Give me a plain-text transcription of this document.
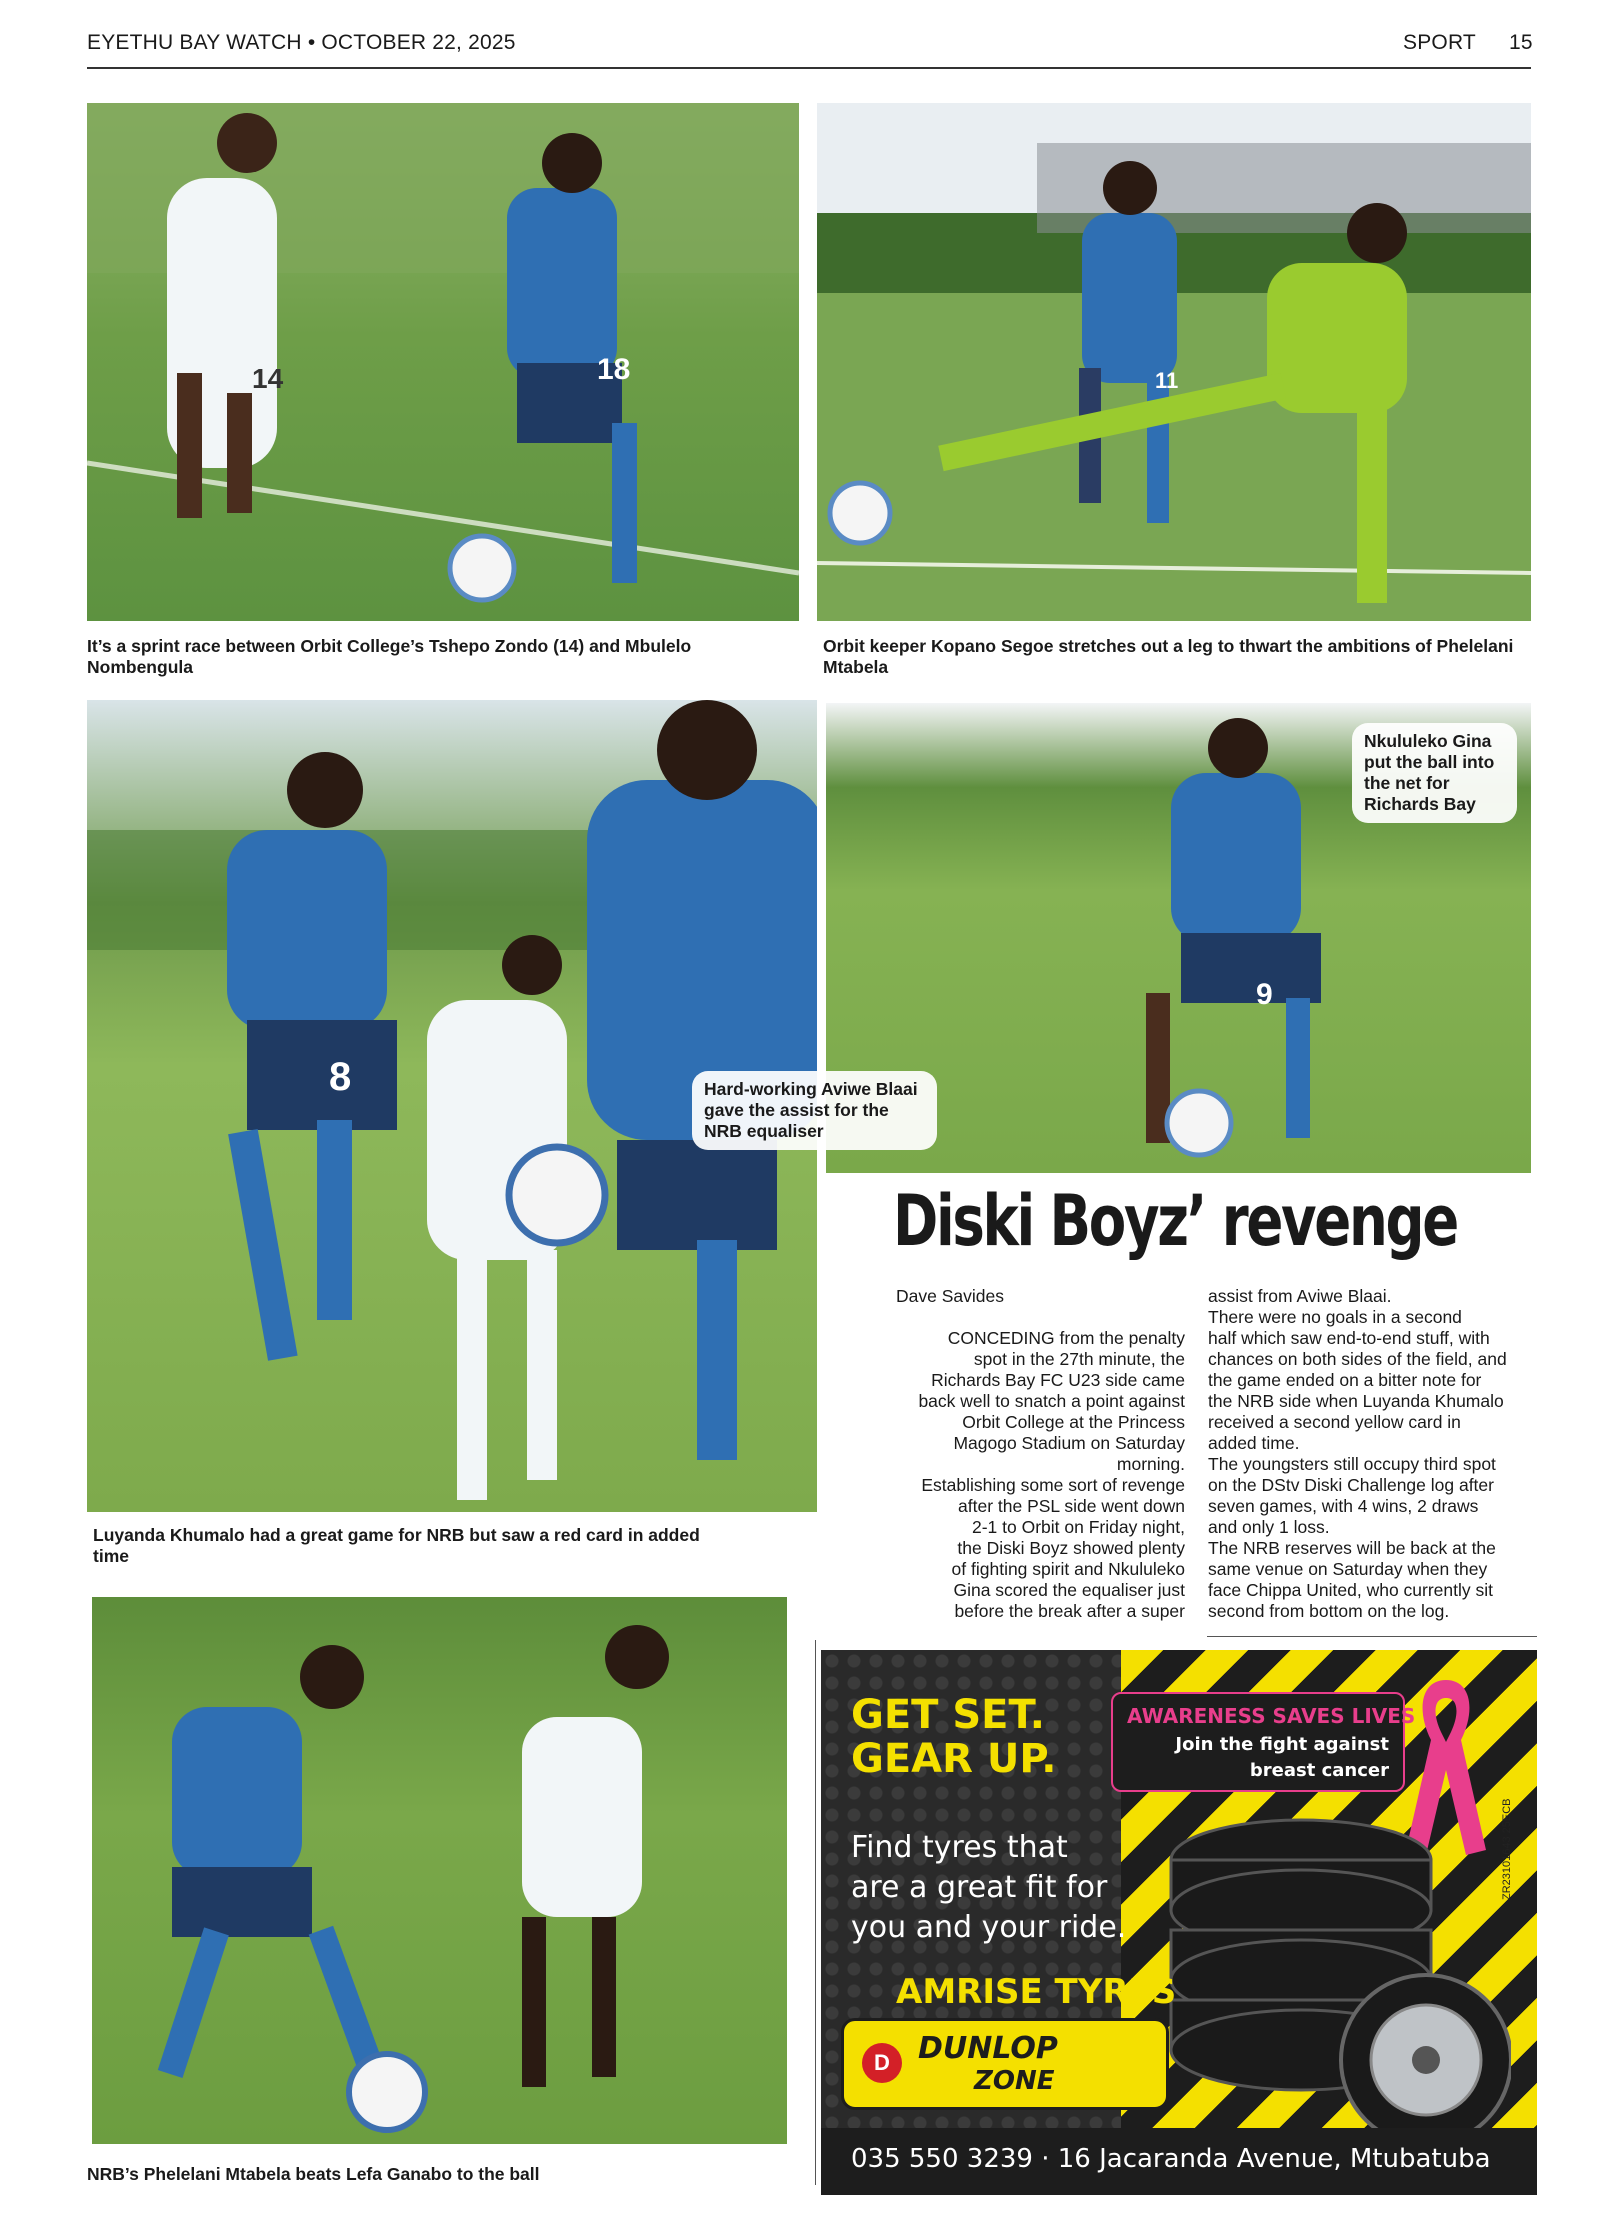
EYETHU BAY WATCH • OCTOBER 22, 2025	SPORT 15
14	18
It’s a sprint race between Orbit College’s Tshepo Zondo (14) and Mbulelo Nombengula
11
Orbit keeper Kopano Segoe stretches out a leg to thwart the ambitions of Phelelani Mtabela
8
Luyanda Khumalo had a great game for NRB but saw a red card in added time
9
Nkululeko Gina put the ball into the net for Richards Bay
Hard-working Aviwe Blaai gave the assist for the NRB equaliser
Diski Boyz’ revenge
Dave Savides

CONCEDING from the penalty

spot in the 27th minute, the

Richards Bay FC U23 side came

back well to snatch a point against

Orbit College at the Princess

Magogo Stadium on Saturday

morning.

Establishing some sort of revenge

after the PSL side went down

2-1 to Orbit on Friday night,

the Diski Boyz showed plenty

of fighting spirit and Nkululeko

Gina scored the equaliser just

before the break after a super

assist from Aviwe Blaai.

There were no goals in a second

half which saw end-to-end stuff, with

chances on both sides of the field, and

the game ended on a bitter note for

the NRB side when Luyanda Khumalo

received a second yellow card in

added time.

The youngsters still occupy third spot

on the DStv Diski Challenge log after

seven games, with 4 wins, 2 draws

and only 1 loss.

The NRB reserves will be back at the

same venue on Saturday when they

face Chippa United, who currently sit

second from bottom on the log.

NRB’s Phelelani Mtabela beats Lefa Ganabo to the ball
GET SET.
GEAR UP.
AWARENESS SAVES LIVES
Join the fight against
breast cancer
Find tyres that
are a great fit for
you and your ride.
ZR23101643 25ECB
AMRISE TYRES
D DUNLOP
ZONE
035 550 3239 · 16 Jacaranda Avenue, Mtubatuba
